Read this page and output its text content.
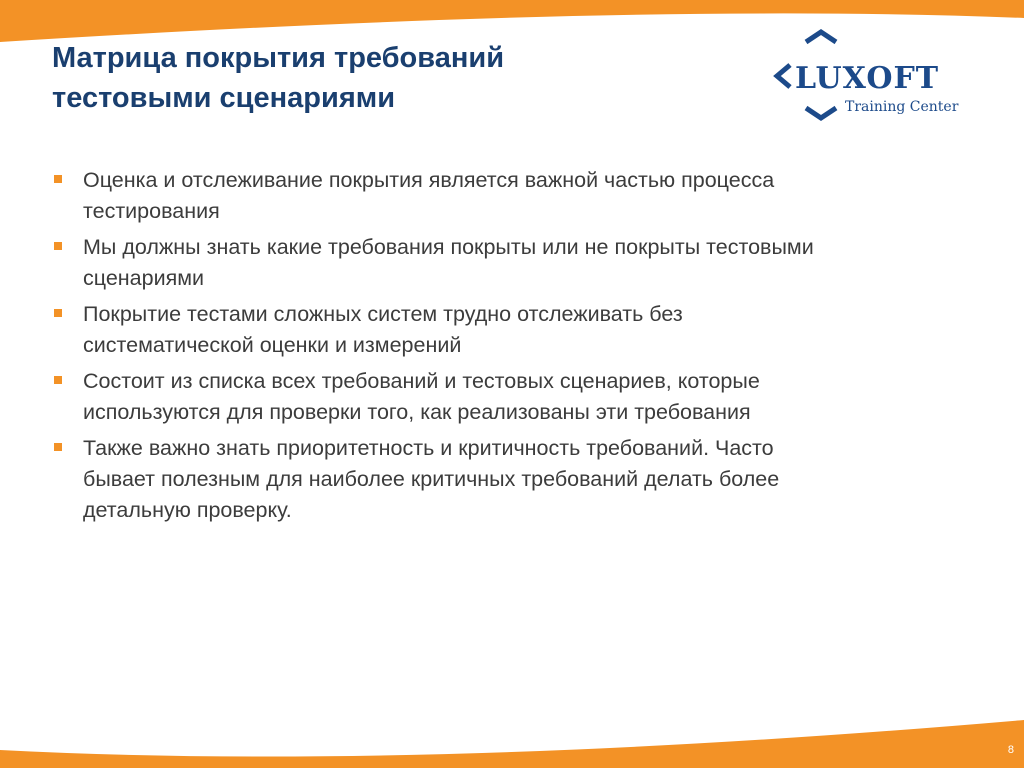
Матрица покрытия требований
тестовыми сценариями
LUXOFT
Training Center
Оценка и отслеживание покрытия является важной частью процесса
тестирования
Мы должны знать какие требования покрыты или не покрыты тестовыми
сценариями
Покрытие тестами сложных систем трудно отслеживать без
систематической оценки и измерений
Состоит из списка всех требований и тестовых сценариев, которые
используются для проверки того, как реализованы эти требования
Также важно знать приоритетность и критичность требований. Часто
бывает полезным для наиболее критичных требований делать более
детальную проверку.
8
